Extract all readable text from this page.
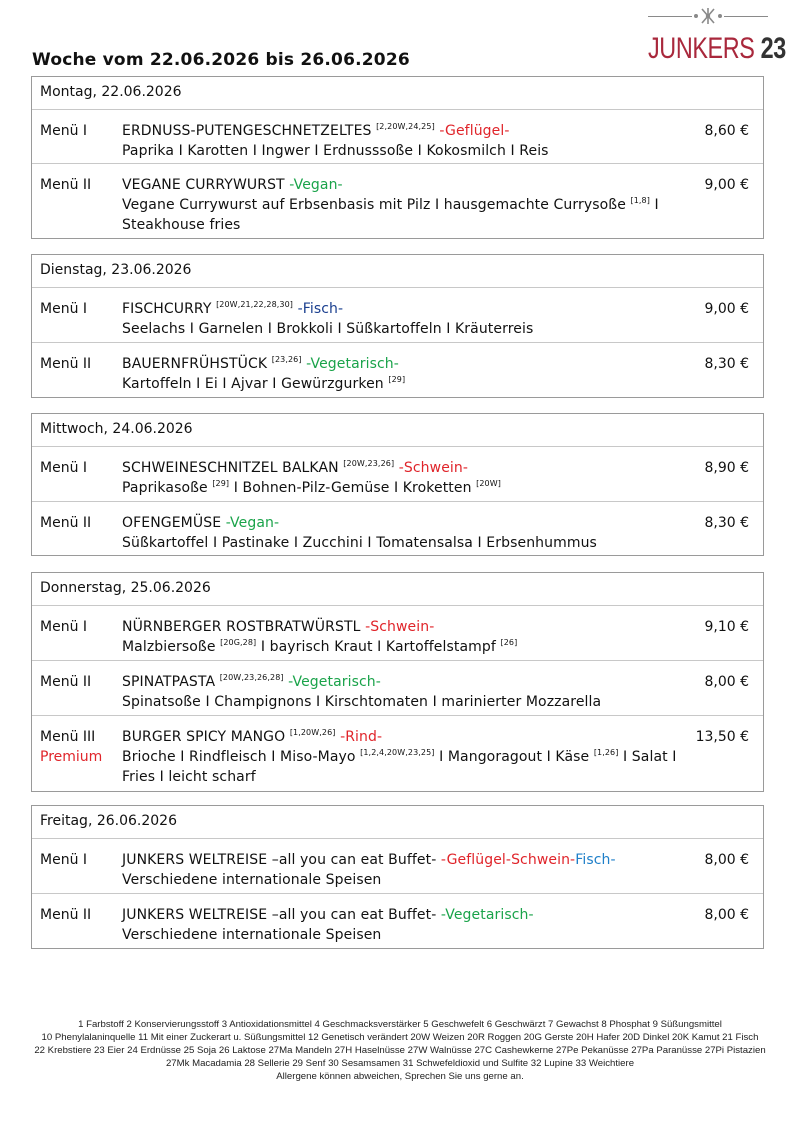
JUNKERS 23
Woche vom 22.06.2026 bis 26.06.2026
Montag, 22.06.2026
Menü I ERDNUSS-PUTENGESCHNETZELTES [2,20W,24,25] -Geflügel-
Paprika I Karotten I Ingwer I Erdnusssoße I Kokosmilch I Reis
8,60 €
Menü II VEGANE CURRYWURST -Vegan-
Vegane Currywurst auf Erbsenbasis mit Pilz I hausgemachte Currysoße [1,8] I
Steakhouse fries
9,00 €
Dienstag, 23.06.2026
Menü I FISCHCURRY [20W,21,22,28,30] -Fisch-
Seelachs I Garnelen I Brokkoli I Süßkartoffeln I Kräuterreis
9,00 €
Menü II BAUERNFRÜHSTÜCK [23,26] -Vegetarisch-
Kartoffeln I Ei I Ajvar I Gewürzgurken [29]
8,30 €
Mittwoch, 24.06.2026
Menü I SCHWEINESCHNITZEL BALKAN [20W,23,26] -Schwein-
Paprikasoße [29] I Bohnen-Pilz-Gemüse I Kroketten [20W]
8,90 €
Menü II OFENGEMÜSE -Vegan-
Süßkartoffel I Pastinake I Zucchini I Tomatensalsa I Erbsenhummus
8,30 €
Donnerstag, 25.06.2026
Menü I NÜRNBERGER ROSTBRATWÜRSTL -Schwein-
Malzbiersoße [20G,28] I bayrisch Kraut I Kartoffelstampf [26]
9,10 €
Menü II SPINATPASTA [20W,23,26,28] -Vegetarisch-
Spinatsoße I Champignons I Kirschtomaten I marinierter Mozzarella
8,00 €
Menü III
Premium
BURGER SPICY MANGO [1,20W,26] -Rind-
Brioche I Rindfleisch I Miso-Mayo [1,2,4,20W,23,25] I Mangoragout I Käse [1,26] I Salat I
Fries I leicht scharf
13,50 €
Freitag, 26.06.2026
Menü I JUNKERS WELTREISE –all you can eat Buffet- -Geflügel-Schwein-Fisch-
Verschiedene internationale Speisen
8,00 €
Menü II JUNKERS WELTREISE –all you can eat Buffet- -Vegetarisch-
Verschiedene internationale Speisen
8,00 €
1 Farbstoff 2 Konservierungsstoff 3 Antioxidationsmittel 4 Geschmacksverstärker 5 Geschwefelt 6 Geschwärzt 7 Gewachst 8 Phosphat 9 Süßungsmittel
10 Phenylalaninquelle 11 Mit einer Zuckerart u. Süßungsmittel 12 Genetisch verändert 20W Weizen 20R Roggen 20G Gerste 20H Hafer 20D Dinkel 20K Kamut 21 Fisch
22 Krebstiere 23 Eier 24 Erdnüsse 25 Soja 26 Laktose 27Ma Mandeln 27H Haselnüsse 27W Walnüsse 27C Cashewkerne 27Pe Pekanüsse 27Pa Paranüsse 27Pi Pistazien
27Mk Macadamia 28 Sellerie 29 Senf 30 Sesamsamen 31 Schwefeldioxid und Sulfite 32 Lupine 33 Weichtiere
Allergene können abweichen, Sprechen Sie uns gerne an.
